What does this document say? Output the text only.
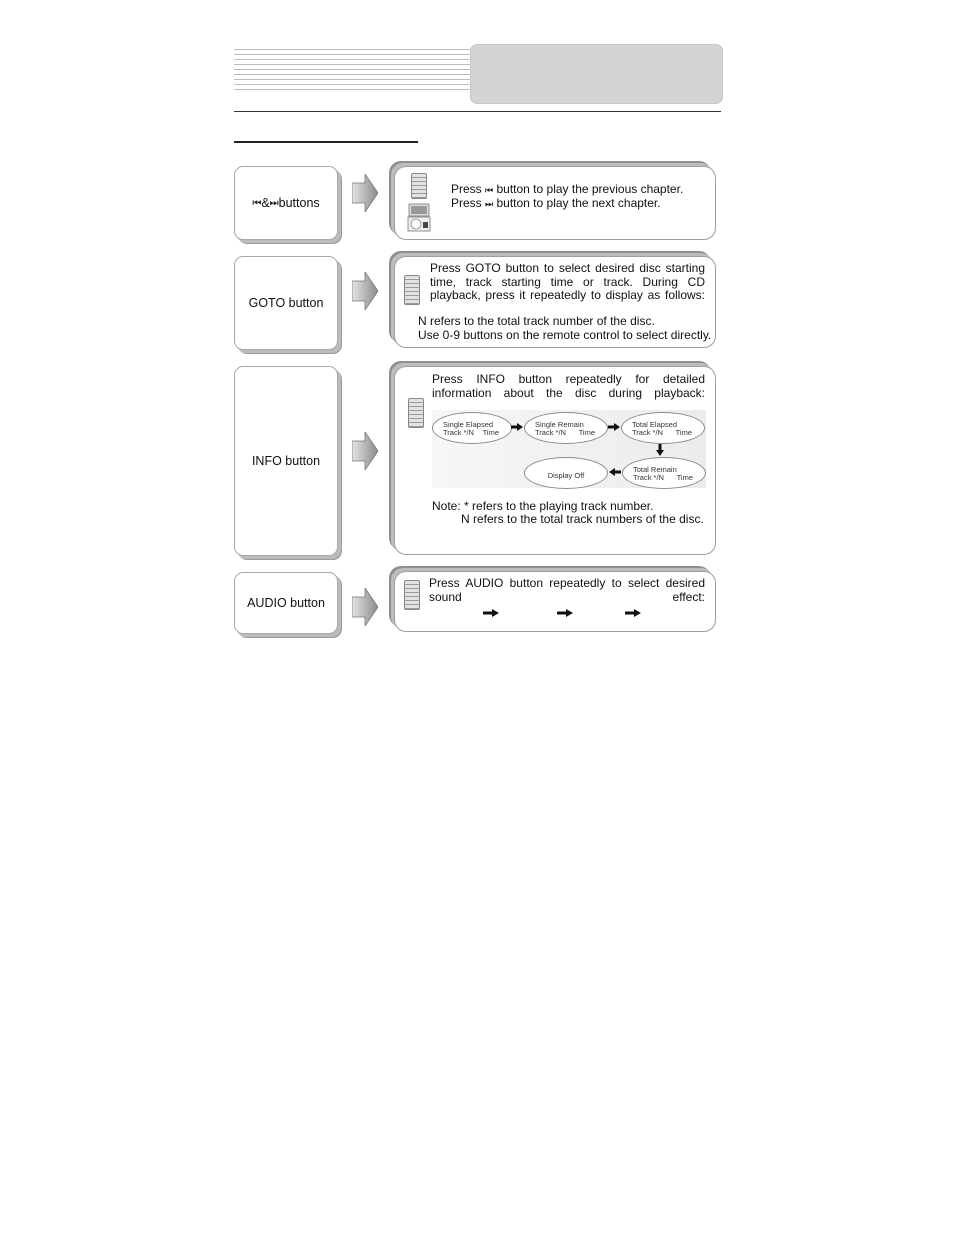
⏮ & ⏭ buttons
Press ⏮ button to play the previous chapter.
Press ⏭ button to play the next chapter.
GOTO button
Press GOTO button to select desired disc starting time, track starting time or track. During CD playback, press it repeatedly to display as follows:
N refers to the total track number of the disc.
Use 0-9 buttons on the remote control to select directly.
INFO button
Press INFO button repeatedly for detailed information about the disc during playback:
Note: * refers to the playing track number.
N refers to the total track numbers of the disc.
Single Elapsed
Track */N Time
Single Remain
Track */N Time
Total Elapsed
Track */N Time
Total Remain
Track */N Time
Display Off
AUDIO button
Press AUDIO button repeatedly to select desired sound effect:
